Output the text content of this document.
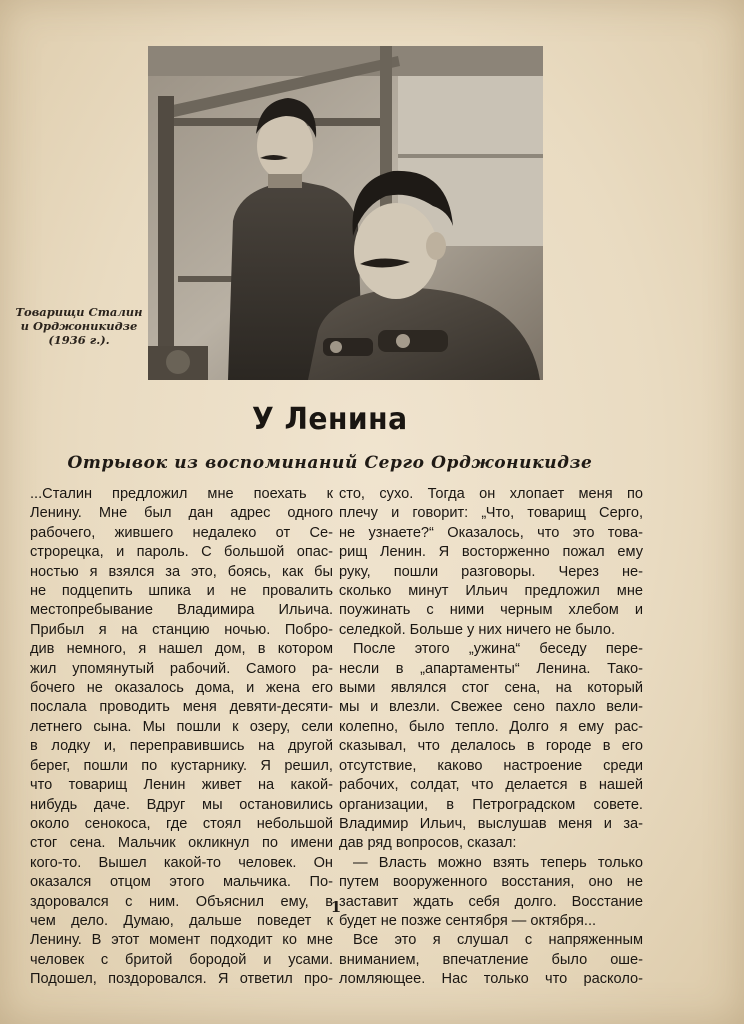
Товарищи Сталин
и Орджоникидзе
(1936 г.).
У Ленина
Отрывок из воспоминаний Серго Орджоникидзе
...Сталин предложил мне поехать к
Ленину. Мне был дан адрес одного
рабочего, жившего недалеко от Се-
строрецка, и пароль. С большой опас-
ностью я взялся за это, боясь, как бы
не подцепить шпика и не провалить
местопребывание Владимира Ильича.
Прибыл я на станцию ночью. Побро-
див немного, я нашел дом, в котором
жил упомянутый рабочий. Самого ра-
бочего не оказалось дома, и жена его
послала проводить меня девяти-десяти-
летнего сына. Мы пошли к озеру, сели
в лодку и, переправившись на другой
берег, пошли по кустарнику. Я решил,
что товарищ Ленин живет на какой-
нибудь даче. Вдруг мы остановились
около сенокоса, где стоял небольшой
стог сена. Мальчик окликнул по имени
кого-то. Вышел какой-то человек. Он
оказался отцом этого мальчика. По-
здоровался с ним. Объяснил ему, в
чем дело. Думаю, дальше поведет к
Ленину. В этот момент подходит ко мне
человек с бритой бородой и усами.
Подошел, поздоровался. Я ответил про-
сто, сухо. Тогда он хлопает меня по
плечу и говорит: „Что, товарищ Серго,
не узнаете?“ Оказалось, что это това-
рищ Ленин. Я восторженно пожал ему
руку, пошли разговоры. Через не-
сколько минут Ильич предложил мне
поужинать с ними черным хлебом и
селедкой. Больше у них ничего не было.
После этого „ужина“ беседу пере-
несли в „апартаменты“ Ленина. Тако-
выми являлся стог сена, на который
мы и влезли. Свежее сено пахло вели-
колепно, было тепло. Долго я ему рас-
сказывал, что делалось в городе в его
отсутствие, каково настроение среди
рабочих, солдат, что делается в нашей
организации, в Петроградском совете.
Владимир Ильич, выслушав меня и за-
дав ряд вопросов, сказал:
— Власть можно взять теперь только
путем вооруженного восстания, оно не
заставит ждать себя долго. Восстание
будет не позже сентября — октября...
Все это я слушал с напряженным
вниманием, впечатление было оше-
ломляющее. Нас только что расколо-
1
